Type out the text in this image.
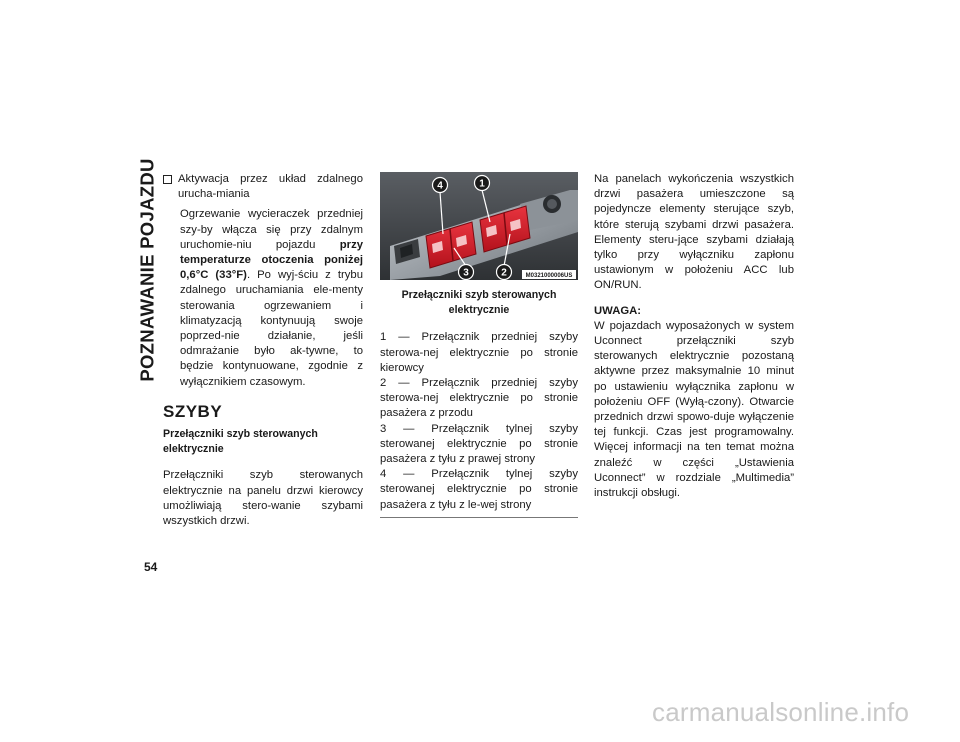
POZNAWANIE POJAZDU Aktywacja przez układ zdalnego urucha-miania

Ogrzewanie wycieraczek przedniej szy-by włącza się przy zdalnym uruchomie-niu pojazdu przy temperaturze otoczenia poniżej 0,6°C (33°F). Po wyj-ściu z trybu zdalnego uruchamiania ele-menty sterowania ogrzewaniem i klimatyzacją kontynuują swoje poprzed-nie działanie, jeśli odmrażanie było ak-tywne, to będzie kontynuowane, zgodnie z wyłącznikiem czasowym.

SZYBY
Przełączniki szyb sterowanych elektrycznie

Przełączniki szyb sterowanych elektrycznie na panelu drzwi kierowcy umożliwiają stero-wanie szybami wszystkich drzwi.

4	1
3	2	M0321000006US
Przełączniki szyb sterowanych elektrycznie

1 — Przełącznik przedniej szyby sterowa-nej elektrycznie po stronie kierowcy

2 — Przełącznik przedniej szyby sterowa-nej elektrycznie po stronie pasażera z przodu

3 — Przełącznik tylnej szyby sterowanej elektrycznie po stronie pasażera z tyłu z prawej strony

4 — Przełącznik tylnej szyby sterowanej elektrycznie po stronie pasażera z tyłu z le-wej strony

Na panelach wykończenia wszystkich drzwi pasażera umieszczone są pojedyncze elementy sterujące szyb, które sterują szybami drzwi pasażera. Elementy steru-jące szybami działają tylko przy wyłączniku zapłonu ustawionym w położeniu ACC lub ON/RUN.

UWAGA:

W pojazdach wyposażonych w system Uconnect przełączniki szyb sterowanych elektrycznie pozostaną aktywne przez maksymalnie 10 minut po ustawieniu wyłącznika zapłonu w położeniu OFF (Wyłą-czony). Otwarcie przednich drzwi spowo-duje wyłączenie tej funkcji. Czas jest programowalny. Więcej informacji na ten temat można znaleźć w części „Ustawienia Uconnect” w rozdziale „Multimedia” instrukcji obsługi.

54
carmanualsonline.info
